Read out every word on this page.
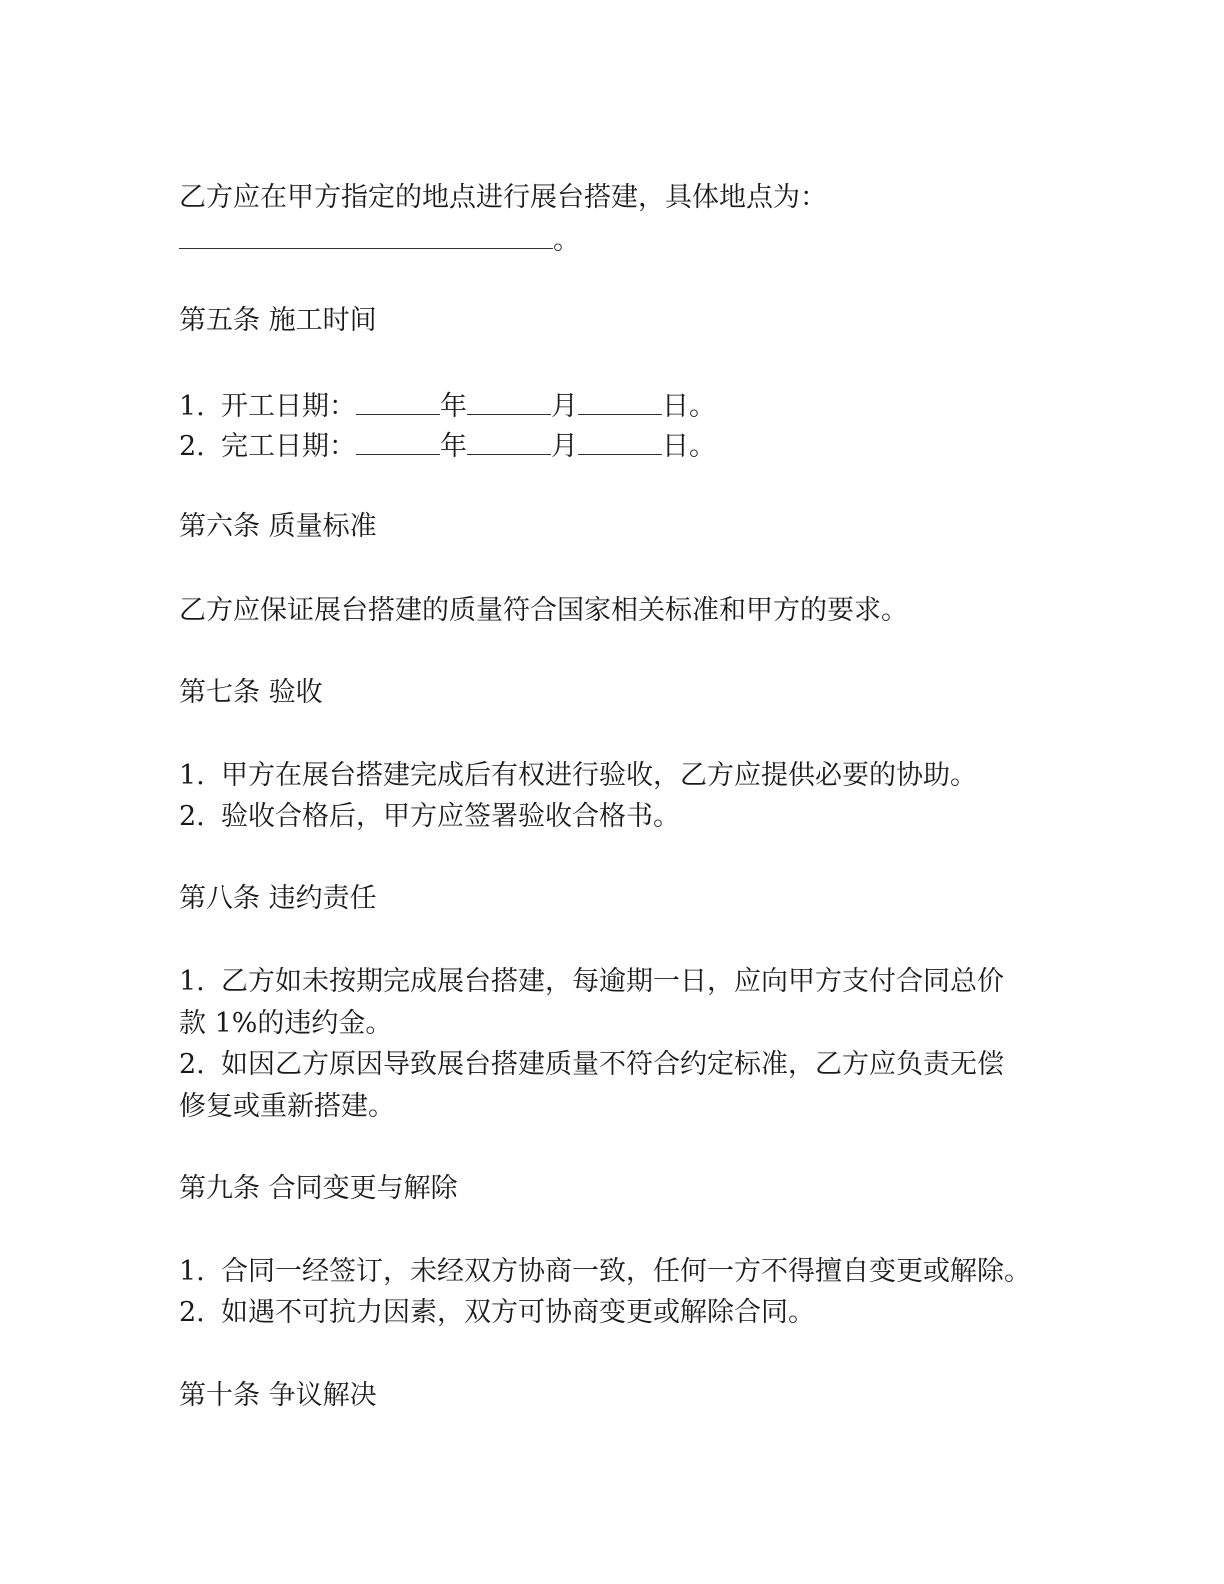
乙方应在甲方指定的地点进行展台搭建，具体地点为：
。
第五条 施工时间
1. 开工日期：	年	月	日。
2. 完工日期：	年	月	日。
第六条 质量标准
乙方应保证展台搭建的质量符合国家相关标准和甲方的要求。
第七条 验收
1. 甲方在展台搭建完成后有权进行验收，乙方应提供必要的协助。
2. 验收合格后，甲方应签署验收合格书。
第八条 违约责任
1. 乙方如未按期完成展台搭建，每逾期一日，应向甲方支付合同总价
款 1%的违约金。
2. 如因乙方原因导致展台搭建质量不符合约定标准，乙方应负责无偿
修复或重新搭建。
第九条 合同变更与解除
1. 合同一经签订，未经双方协商一致，任何一方不得擅自变更或解除。
2. 如遇不可抗力因素，双方可协商变更或解除合同。
第十条 争议解决
